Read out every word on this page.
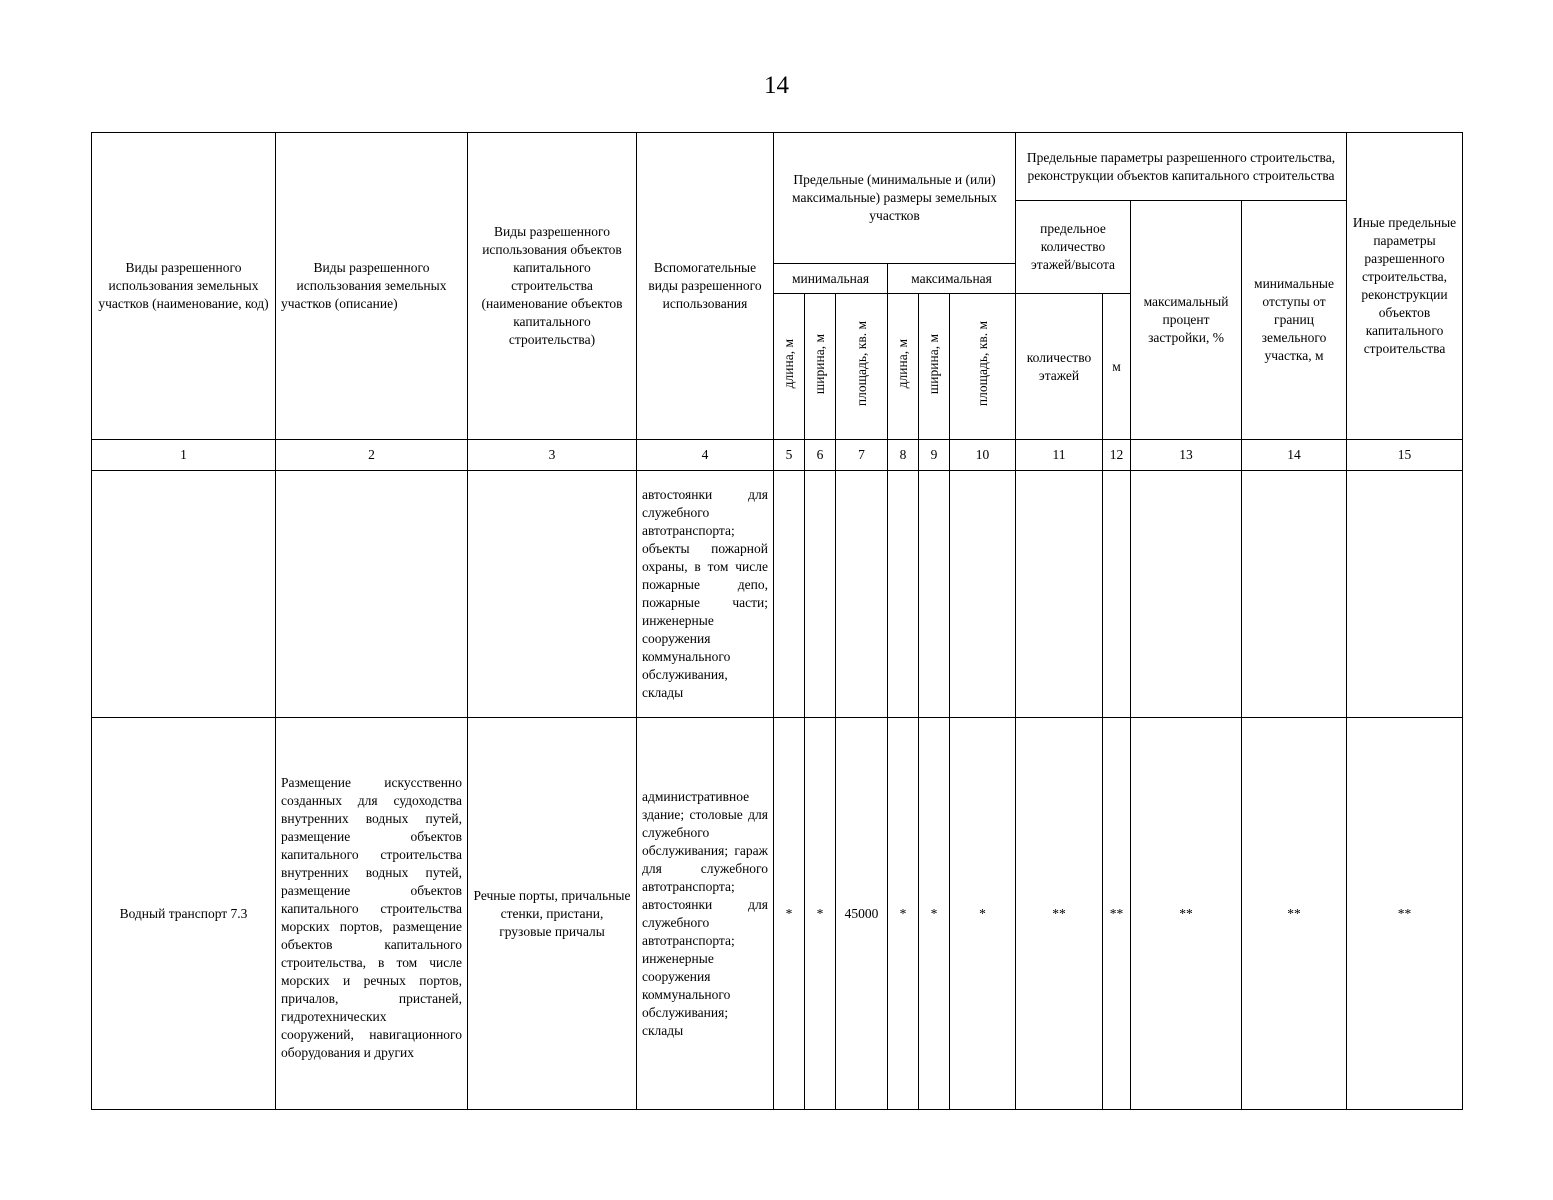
14
Виды разрешенного использования земельных участков (наименование, код)	Виды разрешенного использования земельных участков (описание)	Виды разрешенного использования объектов капитального строительства (наименование объектов капитального строительства)	Вспомогательные виды разрешенного использования	Предельные (минимальные и (или) максимальные) размеры земельных участков						Предельные параметры разрешенного строительства, реконструкции объектов капитального строительства				Иные предельные параметры разрешенного строительства, реконструкции объектов капитального строительства
										предельное количество этажей/высота		максимальный процент застройки, %	минимальные отступы от границ земельного участка, м	
				минимальная			максимальная							
				длина, м	ширина, м	площадь, кв. м	длина, м	ширина, м	площадь, кв. м	количество этажей	м			
1	2	3	4	5	6	7	8	9	10	11	12	13	14	15

			автостоянки для служебного автотранспорта; объекты пожарной охраны, в том числе пожарные депо, пожарные части; инженерные сооружения коммунального обслуживания, склады											

Водный транспорт 7.3	Размещение искусственно созданных для судоходства внутренних водных путей, размещение объектов капитального строительства внутренних водных путей, размещение объектов капитального строительства морских портов, размещение объектов капитального строительства, в том числе морских и речных портов, причалов, пристаней, гидротехнических сооружений, навигационного оборудования и других	Речные порты, причальные стенки, пристани, грузовые причалы	административное здание; столовые для служебного обслуживания; гараж для служебного автотранспорта; автостоянки для служебного автотранспорта; инженерные сооружения коммунального обслуживания; склады	*	*	45000	*	*	*	**	**	**	**	**
